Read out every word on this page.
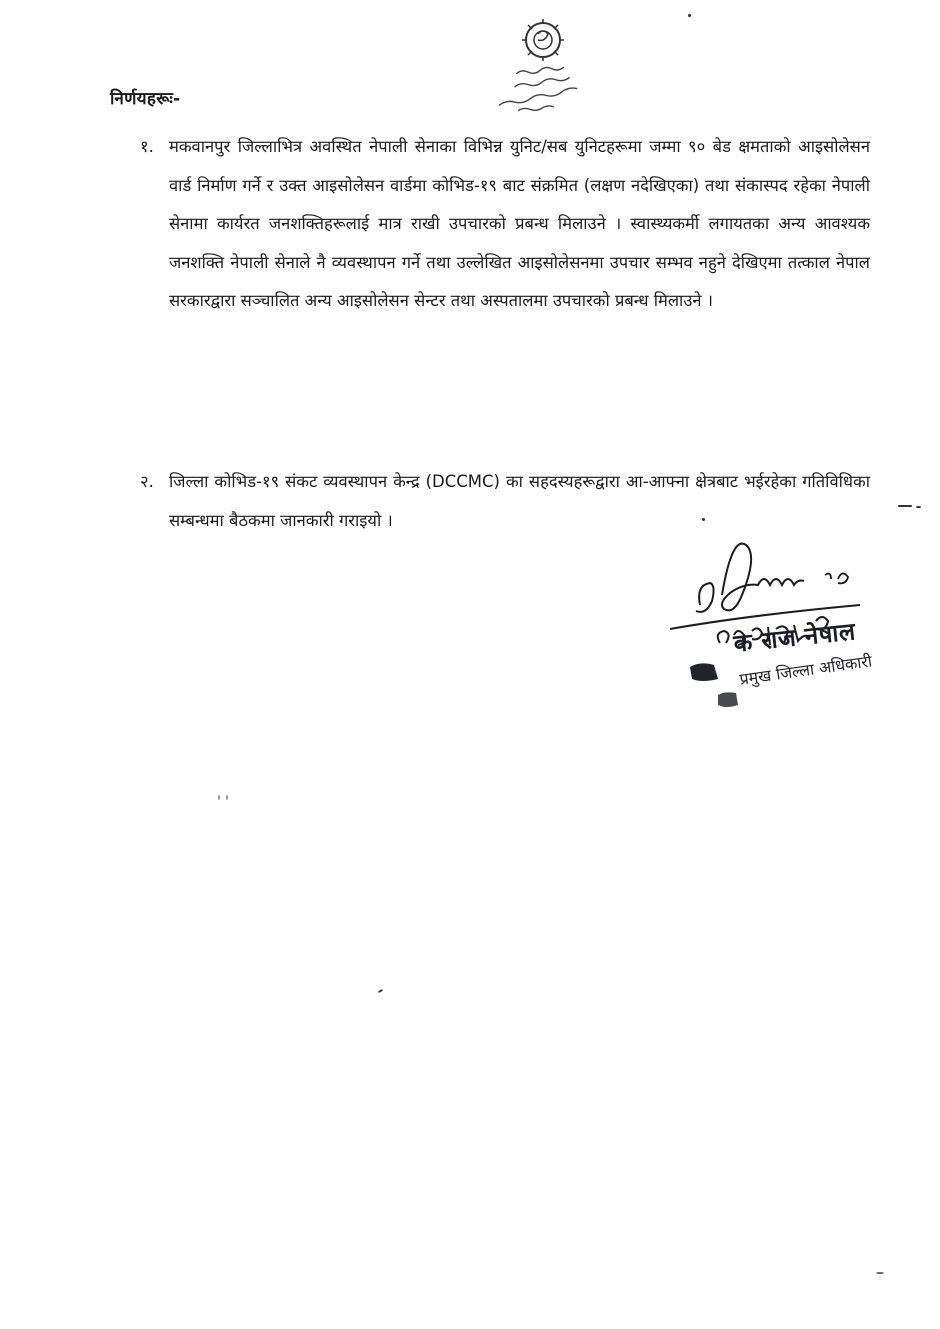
निर्णयहरूः-
१. मकवानपुर जिल्लाभित्र अवस्थित नेपाली सेनाका विभिन्न युनिट/सब युनिटहरूमा जम्मा ९० बेड क्षमताको आइसोलेसन वार्ड निर्माण गर्ने र उक्त आइसोलेसन वार्डमा कोभिड-१९ बाट संक्रमित (लक्षण नदेखिएका) तथा संकास्पद रहेका नेपाली सेनामा कार्यरत जनशक्तिहरूलाई मात्र राखी उपचारको प्रबन्ध मिलाउने । स्वास्थ्यकर्मी लगायतका अन्य आवश्यक जनशक्ति नेपाली सेनाले नै व्यवस्थापन गर्ने तथा उल्लेखित आइसोलेसनमा उपचार सम्भव नहुने देखिएमा तत्काल नेपाल सरकारद्वारा सञ्चालित अन्य आइसोलेसन सेन्टर तथा अस्पतालमा उपचारको प्रबन्ध मिलाउने ।
२. जिल्ला कोभिड-१९ संकट व्यवस्थापन केन्द्र (DCCMC) का सहदस्यहरूद्वारा आ-आफ्ना क्षेत्रबाट भईरहेका गतिविधिका सम्बन्धमा बैठकमा जानकारी गराइयो ।
क राज नेपाल
प्रमुख जिल्ला अधिकारी
